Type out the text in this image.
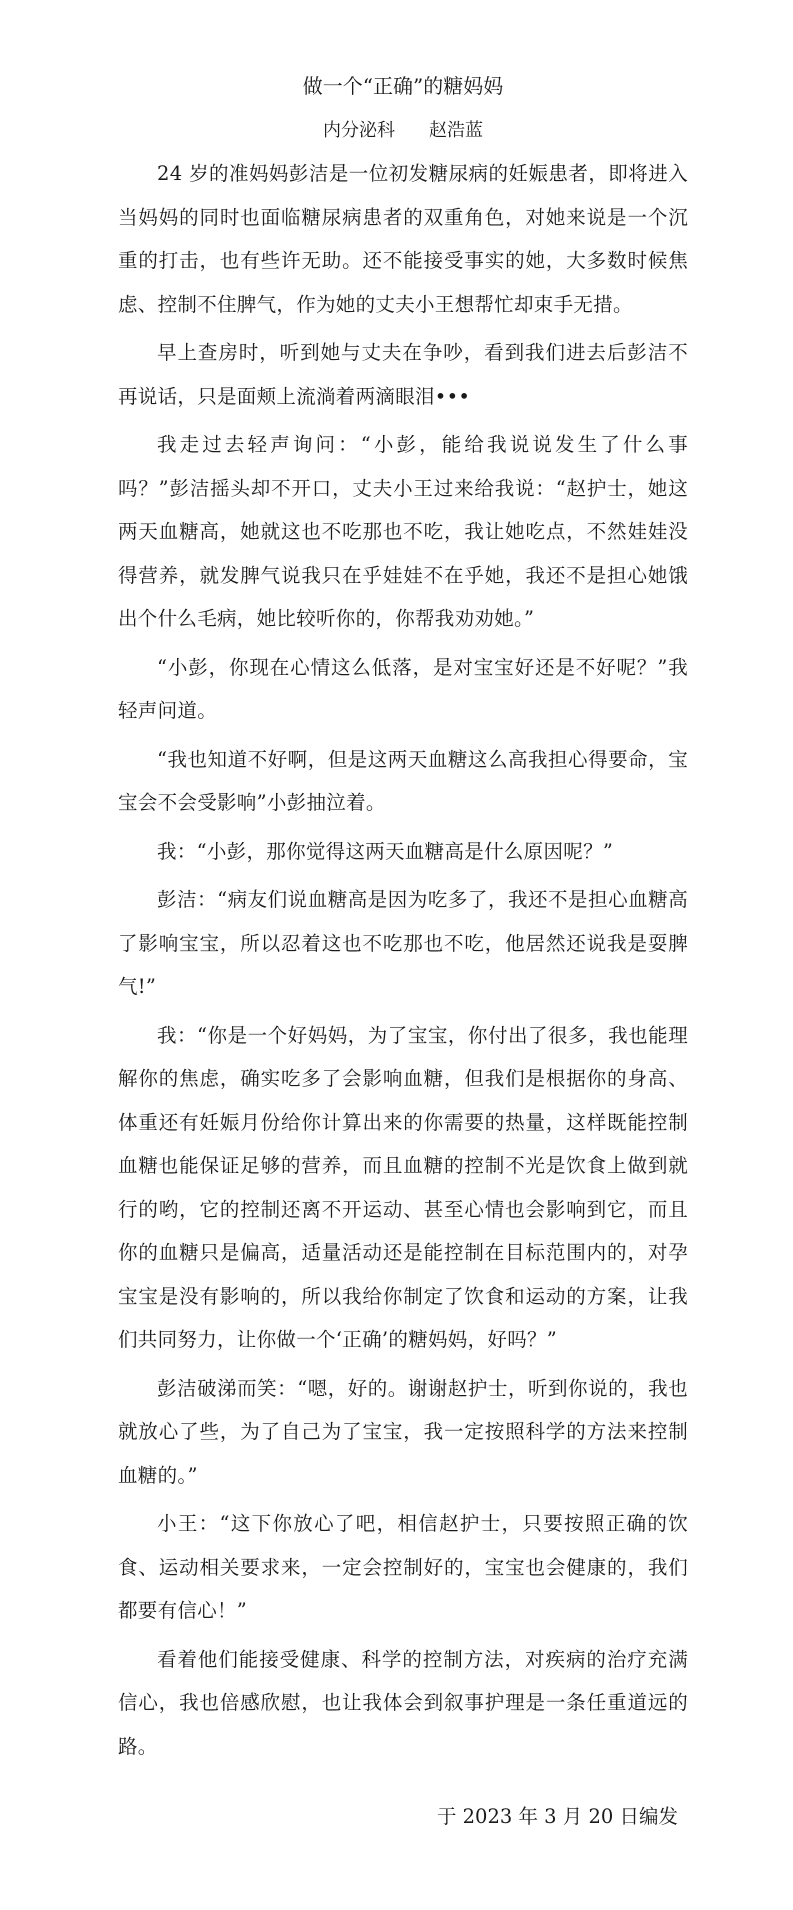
做一个“正确”的糖妈妈
内分泌科 赵浩蓝

24 岁的准妈妈彭洁是一位初发糖尿病的妊娠患者，即将进入当妈妈的同时也面临糖尿病患者的双重角色，对她来说是一个沉重的打击，也有些许无助。还不能接受事实的她，大多数时候焦虑、控制不住脾气，作为她的丈夫小王想帮忙却束手无措。

早上查房时，听到她与丈夫在争吵，看到我们进去后彭洁不再说话，只是面颊上流淌着两滴眼泪•••

我走过去轻声询问：“小彭，能给我说说发生了什么事吗？”彭洁摇头却不开口，丈夫小王过来给我说：“赵护士，她这两天血糖高，她就这也不吃那也不吃，我让她吃点，不然娃娃没得营养，就发脾气说我只在乎娃娃不在乎她，我还不是担心她饿出个什么毛病，她比较听你的，你帮我劝劝她。”

“小彭，你现在心情这么低落，是对宝宝好还是不好呢？”我轻声问道。

“我也知道不好啊，但是这两天血糖这么高我担心得要命，宝宝会不会受影响”小彭抽泣着。

我：“小彭，那你觉得这两天血糖高是什么原因呢？”

彭洁：“病友们说血糖高是因为吃多了，我还不是担心血糖高了影响宝宝，所以忍着这也不吃那也不吃，他居然还说我是耍脾气!”

我：“你是一个好妈妈，为了宝宝，你付出了很多，我也能理解你的焦虑，确实吃多了会影响血糖，但我们是根据你的身高、体重还有妊娠月份给你计算出来的你需要的热量，这样既能控制血糖也能保证足够的营养，而且血糖的控制不光是饮食上做到就行的哟，它的控制还离不开运动、甚至心情也会影响到它，而且你的血糖只是偏高，适量活动还是能控制在目标范围内的，对孕宝宝是没有影响的，所以我给你制定了饮食和运动的方案，让我们共同努力，让你做一个‘正确’的糖妈妈，好吗？”

彭洁破涕而笑：“嗯，好的。谢谢赵护士，听到你说的，我也就放心了些，为了自己为了宝宝，我一定按照科学的方法来控制血糖的。”

小王：“这下你放心了吧，相信赵护士，只要按照正确的饮食、运动相关要求来，一定会控制好的，宝宝也会健康的，我们都要有信心！”

看着他们能接受健康、科学的控制方法，对疾病的治疗充满信心，我也倍感欣慰，也让我体会到叙事护理是一条任重道远的路。

于 2023 年 3 月 20 日编发
